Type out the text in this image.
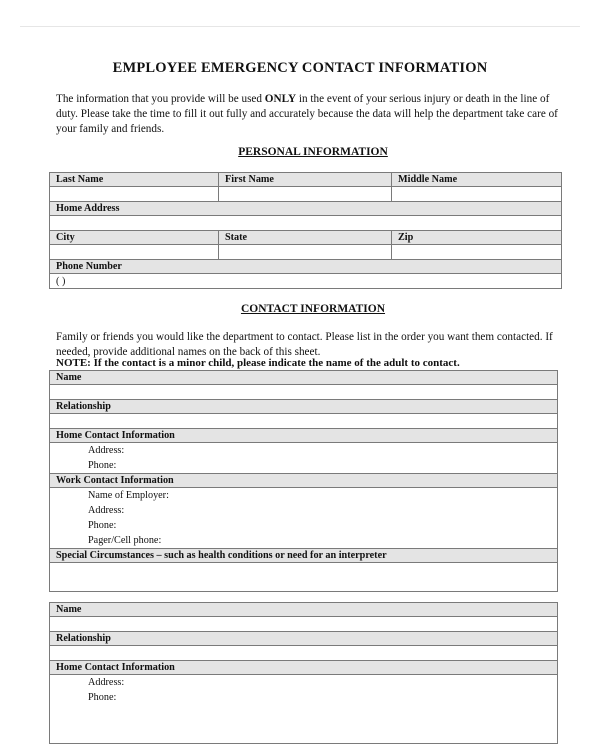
EMPLOYEE EMERGENCY CONTACT INFORMATION
The information that you provide will be used ONLY in the event of your serious injury or death in the line of duty. Please take the time to fill it out fully and accurately because the data will help the department take care of your family and friends.
PERSONAL INFORMATION
Last Name	First Name	Middle Name

Home Address		

City	State	Zip

Phone Number		
( )		
CONTACT INFORMATION
Family or friends you would like the department to contact. Please list in the order you want them contacted. If needed, provide additional names on the back of this sheet.
NOTE: If the contact is a minor child, please indicate the name of the adult to contact.
Name
Relationship
Home Contact Information
Address:
Phone:
Work Contact Information
Name of Employer:
Address:
Phone:
Pager/Cell phone:
Special Circumstances – such as health conditions or need for an interpreter
Name
Relationship
Home Contact Information
Address:
Phone:
